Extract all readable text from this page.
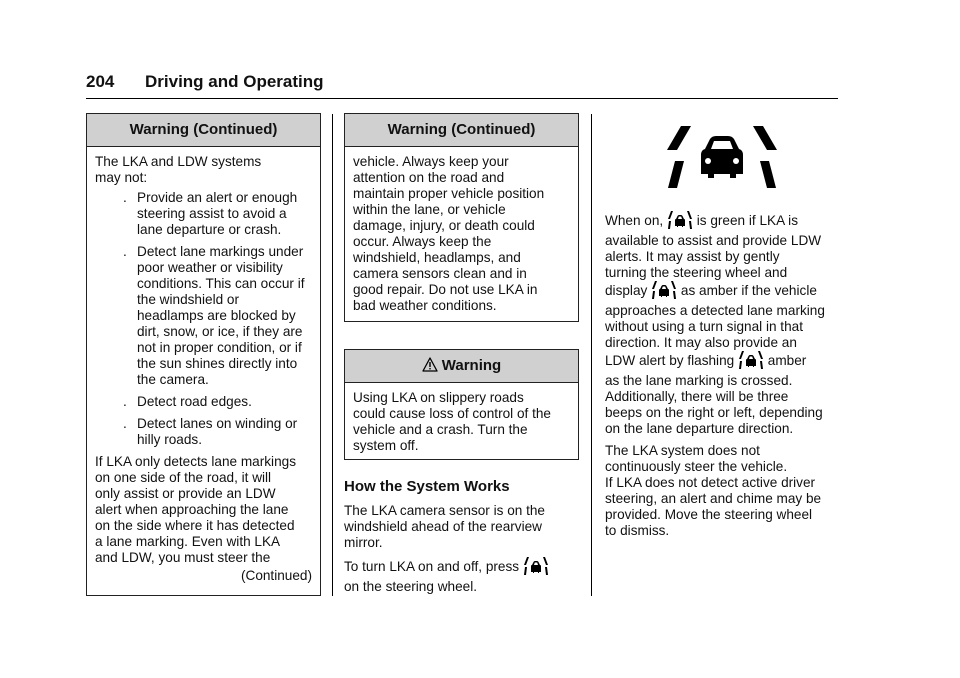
204 Driving and Operating
Warning (Continued)

The LKA and LDW systems
may not:

. Provide an alert or enough
steering assist to avoid a
lane departure or crash.
. Detect lane markings under
poor weather or visibility
conditions. This can occur if
the windshield or
headlamps are blocked by
dirt, snow, or ice, if they are
not in proper condition, or if
the sun shines directly into
the camera.
. Detect road edges.
. Detect lanes on winding or
hilly roads.

If LKA only detects lane markings
on one side of the road, it will
only assist or provide an LDW
alert when approaching the lane
on the side where it has detected
a lane marking. Even with LKA
and LDW, you must steer the

(Continued)
Warning (Continued)

vehicle. Always keep your
attention on the road and
maintain proper vehicle position
within the lane, or vehicle
damage, injury, or death could
occur. Always keep the
windshield, headlamps, and
camera sensors clean and in
good repair. Do not use LKA in
bad weather conditions.

Warning

Using LKA on slippery roads
could cause loss of control of the
vehicle and a crash. Turn the
system off.

How the System Works

The LKA camera sensor is on the
windshield ahead of the rearview
mirror.

To turn LKA on and off, press
on the steering wheel.

When on, is green if LKA is
available to assist and provide LDW
alerts. It may assist by gently
turning the steering wheel and
display as amber if the vehicle
approaches a detected lane marking
without using a turn signal in that
direction. It may also provide an
LDW alert by flashing amber
as the lane marking is crossed.
Additionally, there will be three
beeps on the right or left, depending
on the lane departure direction.

The LKA system does not
continuously steer the vehicle.
If LKA does not detect active driver
steering, an alert and chime may be
provided. Move the steering wheel
to dismiss.
